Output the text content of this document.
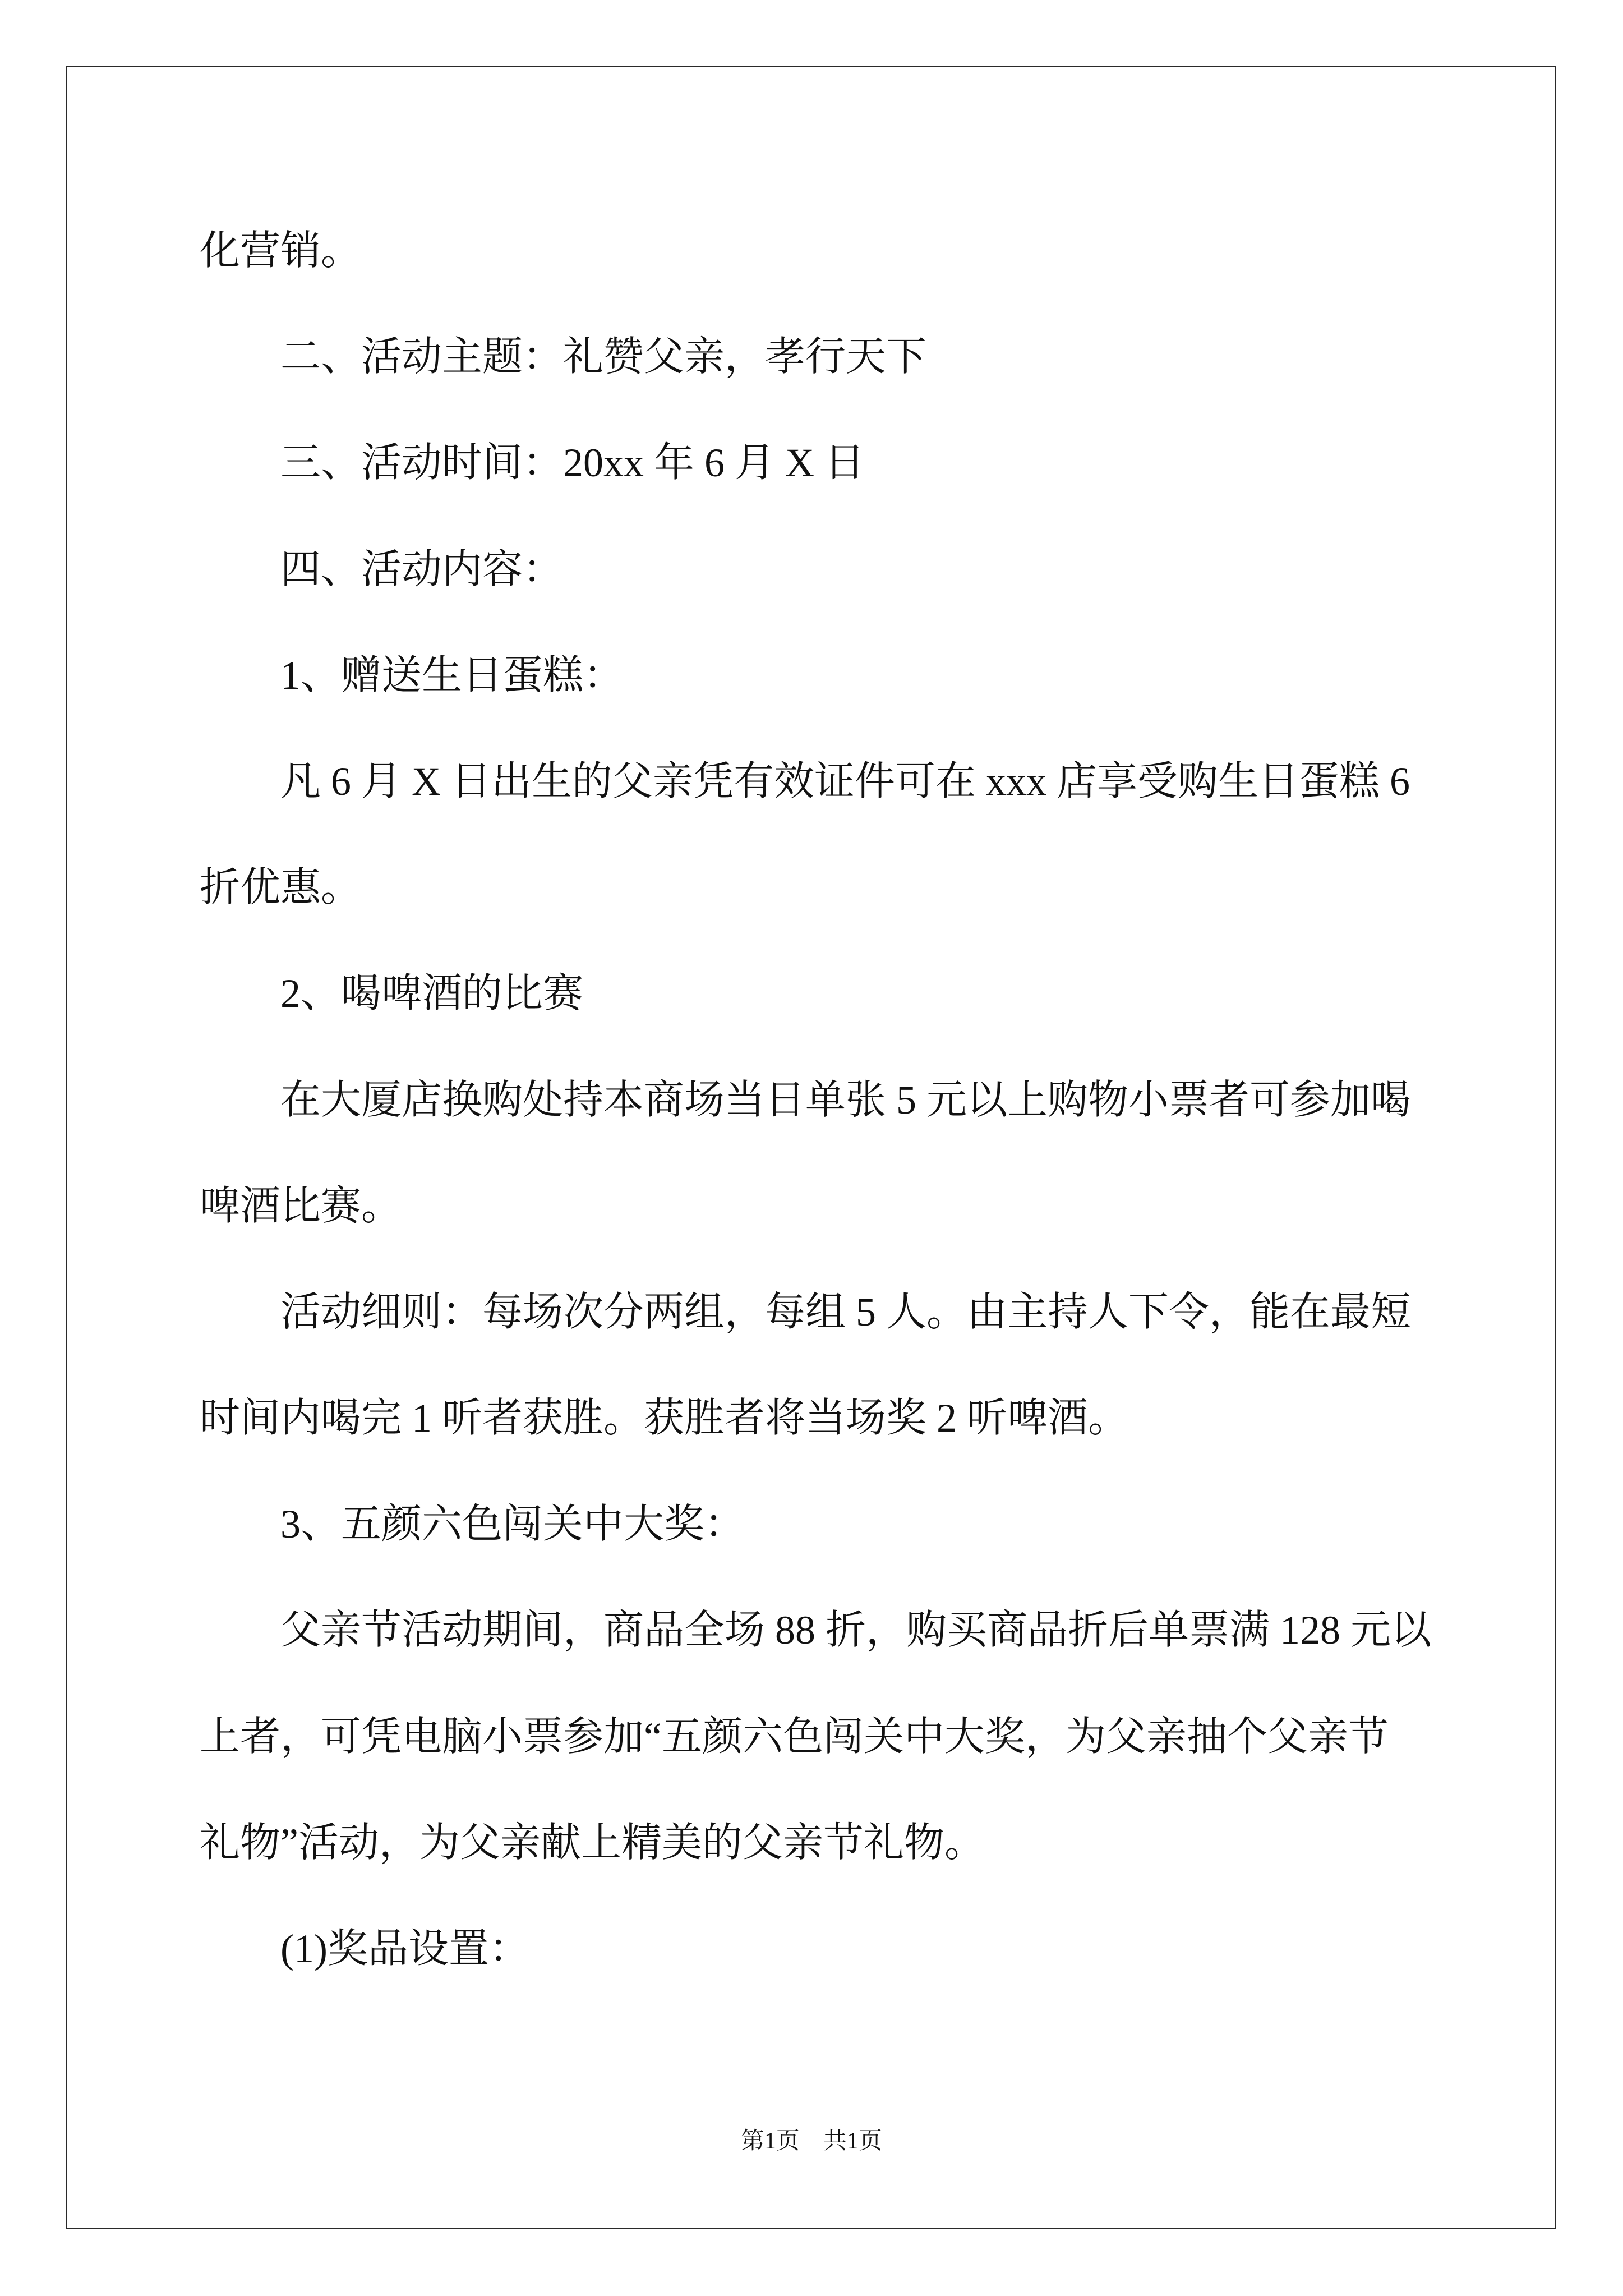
化营销。
二、活动主题：礼赞父亲，孝行天下
三、活动时间：20xx 年 6 月 X 日
四、活动内容：
1、赠送生日蛋糕：
凡 6 月 X 日出生的父亲凭有效证件可在 xxx 店享受购生日蛋糕 6
折优惠。
2、喝啤酒的比赛
在大厦店换购处持本商场当日单张 5 元以上购物小票者可参加喝
啤酒比赛。
活动细则：每场次分两组，每组 5 人。由主持人下令，能在最短
时间内喝完 1 听者获胜。获胜者将当场奖 2 听啤酒。
3、五颜六色闯关中大奖：
父亲节活动期间，商品全场 88 折，购买商品折后单票满 128 元以
上者，可凭电脑小票参加“五颜六色闯关中大奖，为父亲抽个父亲节
礼物”活动，为父亲献上精美的父亲节礼物。
(1)奖品设置：
第1页　共1页
